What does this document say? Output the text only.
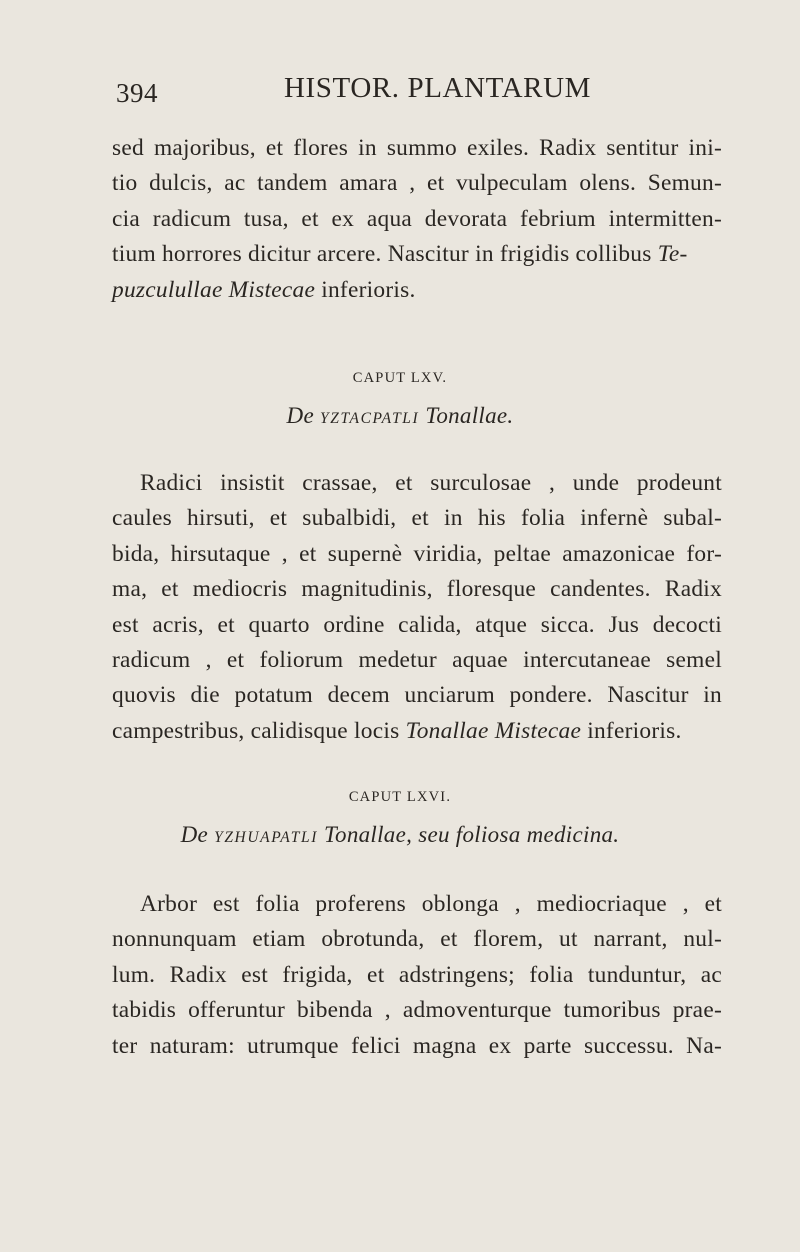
394	HISTOR. PLANTARUM
sed majoribus, et flores in summo exiles. Radix sentitur ini-
tio dulcis, ac tandem amara , et vulpeculam olens. Semun-
cia radicum tusa, et ex aqua devorata febrium intermitten-
tium horrores dicitur arcere. Nascitur in frigidis collibus Te-
puzculullae Mistecae inferioris.
CAPUT LXV.
De YZTACPATLI Tonallae.
Radici insistit crassae, et surculosae , unde prodeunt
caules hirsuti, et subalbidi, et in his folia infernè subal-
bida, hirsutaque , et supernè viridia, peltae amazonicae for-
ma, et mediocris magnitudinis, floresque candentes. Radix
est acris, et quarto ordine calida, atque sicca. Jus decocti
radicum , et foliorum medetur aquae intercutaneae semel
quovis die potatum decem unciarum pondere. Nascitur in
campestribus, calidisque locis Tonallae Mistecae inferioris.
CAPUT LXVI.
De YZHUAPATLI Tonallae, seu foliosa medicina.
Arbor est folia proferens oblonga , mediocriaque , et
nonnunquam etiam obrotunda, et florem, ut narrant, nul-
lum. Radix est frigida, et adstringens; folia tunduntur, ac
tabidis offeruntur bibenda , admoventurque tumoribus prae-
ter naturam: utrumque felici magna ex parte successu. Na-
